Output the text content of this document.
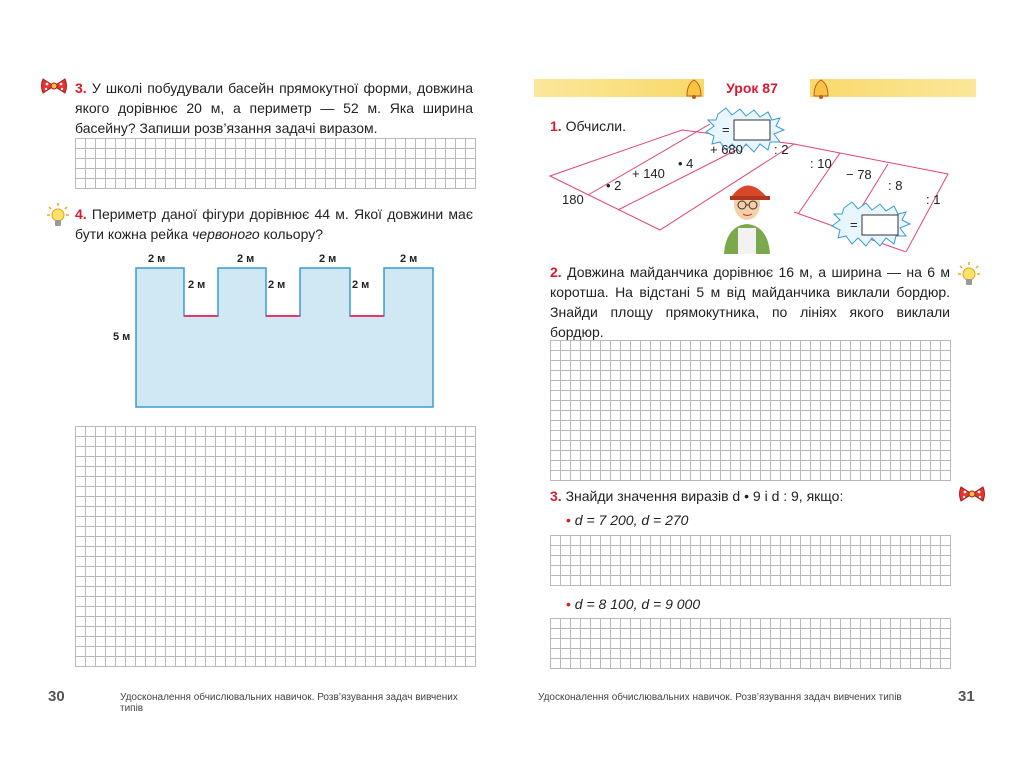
3. У школі побудували басейн прямокутної форми, довжина якого дорівнює 20 м, а периметр — 52 м. Яка ширина басейну? Запиши розв’язання задачі виразом.
4. Периметр даної фігури дорівнює 44 м. Якої довжини має бути кожна рейка червоного кольору?
2 м	2 м	2 м	2 м
2 м	2 м	2 м
5 м
30	Удосконалення обчислювальних навичок. Розв’язування задач вивчених типів
Урок 87
1. Обчисли.	=
=
180
• 2
+ 140
• 4
+ 680 : 2
: 10
− 78
: 8
: 1
2. Довжина майданчика дорівнює 16 м, а ширина — на 6 м коротша. На відстані 5 м від майданчика виклали бордюр. Знайди площу прямокутника, по лініях якого виклали бордюр.
3. Знайди значення виразів d • 9 і d : 9, якщо:
• d = 7 200, d = 270
• d = 8 100, d = 9 000
Удосконалення обчислювальних навичок. Розв’язування задач вивчених типів	31
